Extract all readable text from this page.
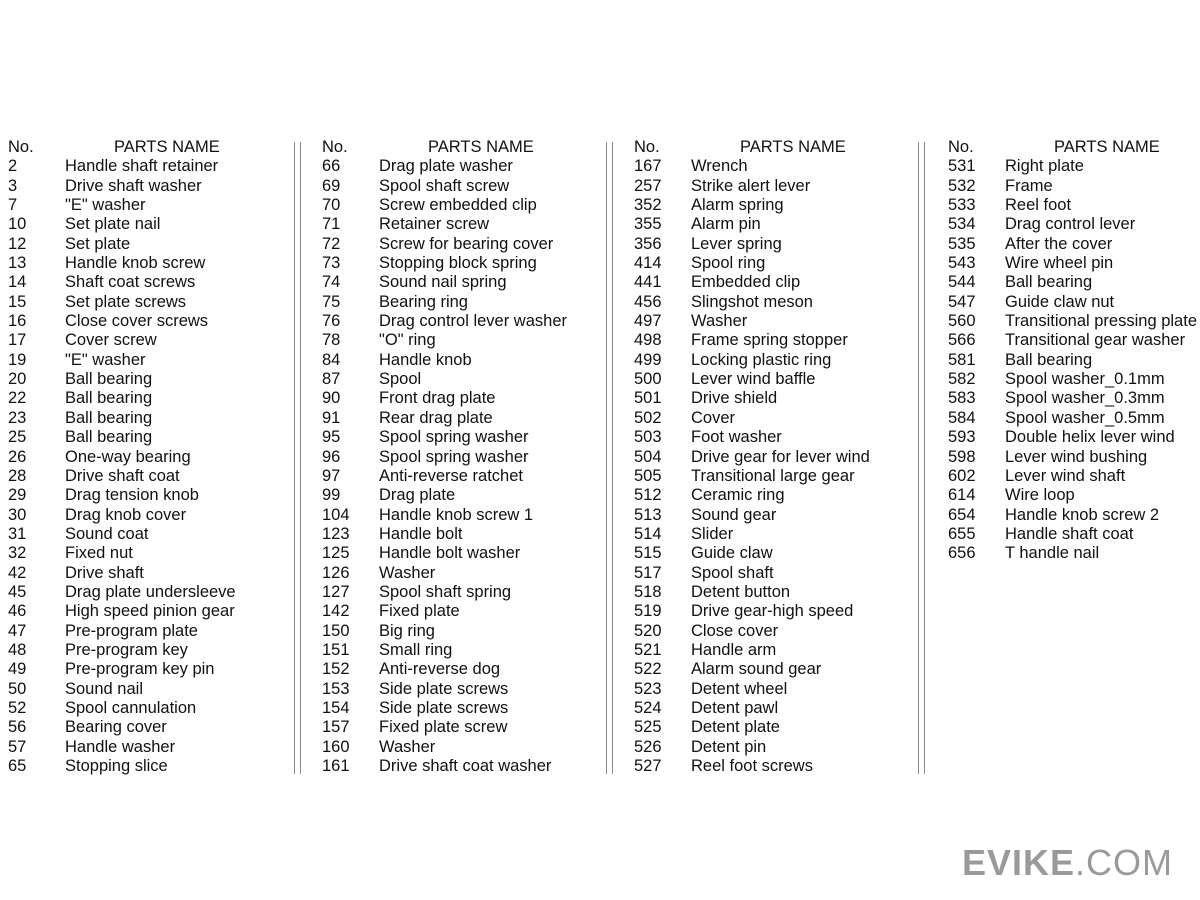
No.	PARTS NAME
2	Handle shaft retainer
3	Drive shaft washer
7	"E" washer
10 Set plate nail
12 Set plate
13 Handle knob screw
14 Shaft coat screws
15 Set plate screws
16 Close cover screws
17 Cover screw
19 "E" washer
20 Ball bearing
22 Ball bearing
23 Ball bearing
25 Ball bearing
26 One-way bearing
28 Drive shaft coat
29 Drag tension knob
30 Drag knob cover
31 Sound coat
32 Fixed nut
42 Drive shaft
45 Drag plate undersleeve
46 High speed pinion gear
47 Pre-program plate
48 Pre-program key
49 Pre-program key pin
50 Sound nail
52 Spool cannulation
56 Bearing cover
57 Handle washer
65 Stopping slice
No.	PARTS NAME
66 Drag plate washer
69 Spool shaft screw
70 Screw embedded clip
71 Retainer screw
72 Screw for bearing cover
73 Stopping block spring
74 Sound nail spring
75 Bearing ring
76 Drag control lever washer
78 "O" ring
84 Handle knob
87 Spool
90 Front drag plate
91 Rear drag plate
95 Spool spring washer
96 Spool spring washer
97 Anti-reverse ratchet
99 Drag plate
104 Handle knob screw 1
123 Handle bolt
125 Handle bolt washer
126 Washer
127 Spool shaft spring
142 Fixed plate
150 Big ring
151 Small ring
152 Anti-reverse dog
153 Side plate screws
154 Side plate screws
157 Fixed plate screw
160 Washer
161 Drive shaft coat washer
No.	PARTS NAME
167 Wrench
257 Strike alert lever
352 Alarm spring
355 Alarm pin
356 Lever spring
414 Spool ring
441 Embedded clip
456 Slingshot meson
497 Washer
498 Frame spring stopper
499 Locking plastic ring
500 Lever wind baffle
501 Drive shield
502 Cover
503 Foot washer
504 Drive gear for lever wind
505 Transitional large gear
512 Ceramic ring
513 Sound gear
514 Slider
515 Guide claw
517 Spool shaft
518 Detent button
519 Drive gear-high speed
520 Close cover
521 Handle arm
522 Alarm sound gear
523 Detent wheel
524 Detent pawl
525 Detent plate
526 Detent pin
527 Reel foot screws
No.	PARTS NAME
531 Right plate
532 Frame
533 Reel foot
534 Drag control lever
535 After the cover
543 Wire wheel pin
544 Ball bearing
547 Guide claw nut
560 Transitional pressing plate
566 Transitional gear washer
581 Ball bearing
582 Spool washer_0.1mm
583 Spool washer_0.3mm
584 Spool washer_0.5mm
593 Double helix lever wind
598 Lever wind bushing
602 Lever wind shaft
614 Wire loop
654 Handle knob screw 2
655 Handle shaft coat
656 T handle nail
EVIKE.COM
